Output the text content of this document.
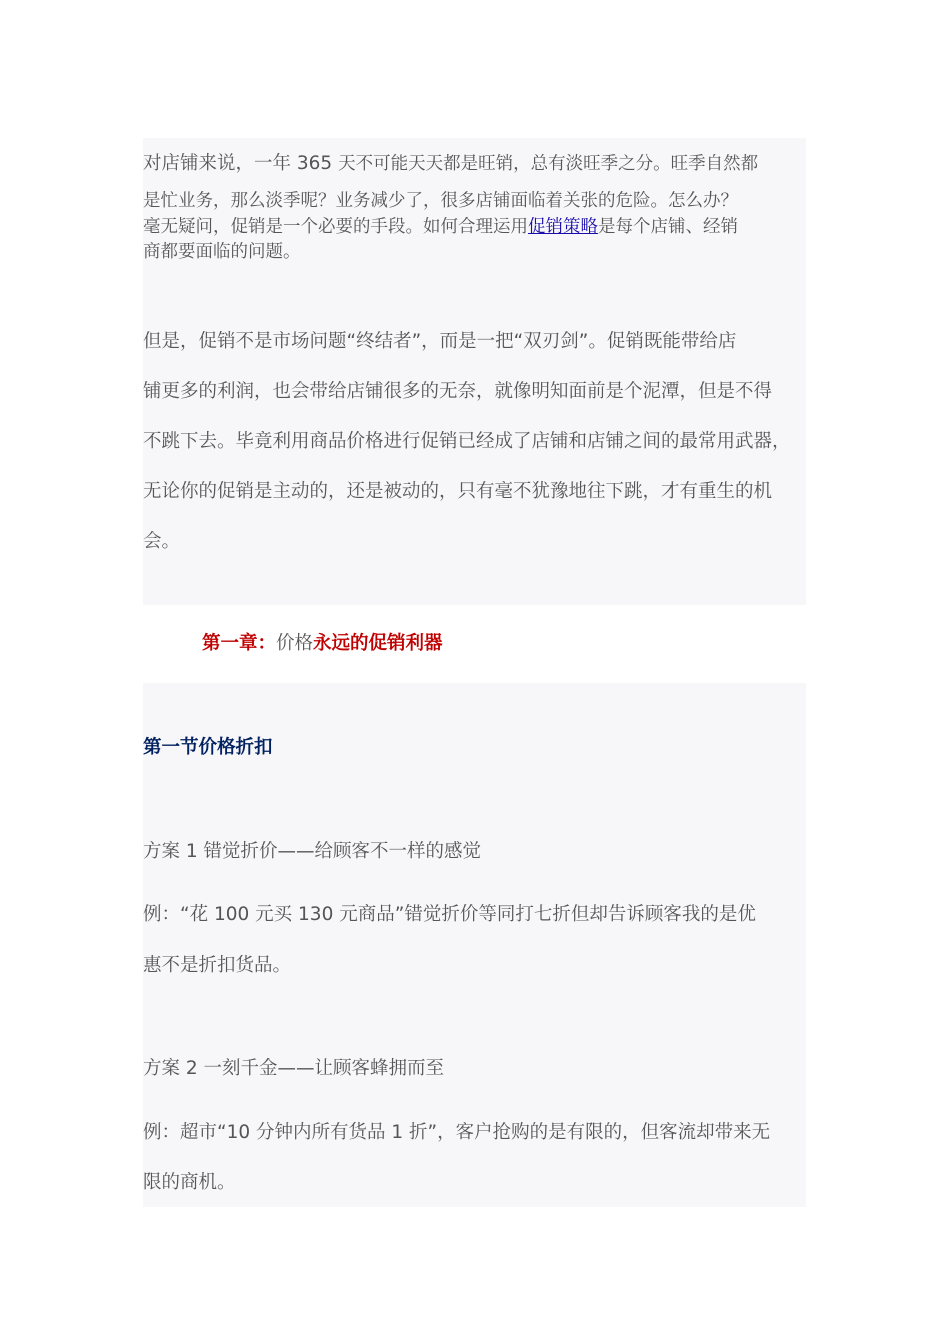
对店铺来说，一年 365 天不可能天天都是旺销，总有淡旺季之分。旺季自然都
是忙业务，那么淡季呢？业务减少了，很多店铺面临着关张的危险。怎么办？
毫无疑问，促销是一个必要的手段。如何合理运用促销策略是每个店铺、经销
商都要面临的问题。
但是，促销不是市场问题“终结者”，而是一把“双刃剑”。促销既能带给店
铺更多的利润，也会带给店铺很多的无奈，就像明知面前是个泥潭，但是不得
不跳下去。毕竟利用商品价格进行促销已经成了店铺和店铺之间的最常用武器，
无论你的促销是主动的，还是被动的，只有毫不犹豫地往下跳，才有重生的机
会。
第一章：价格永远的促销利器
第一节价格折扣
方案 1 错觉折价——给顾客不一样的感觉
例：“花 100 元买 130 元商品”错觉折价等同打七折但却告诉顾客我的是优
惠不是折扣货品。
方案 2 一刻千金——让顾客蜂拥而至
例：超市“10 分钟内所有货品 1 折”，客户抢购的是有限的，但客流却带来无
限的商机。
